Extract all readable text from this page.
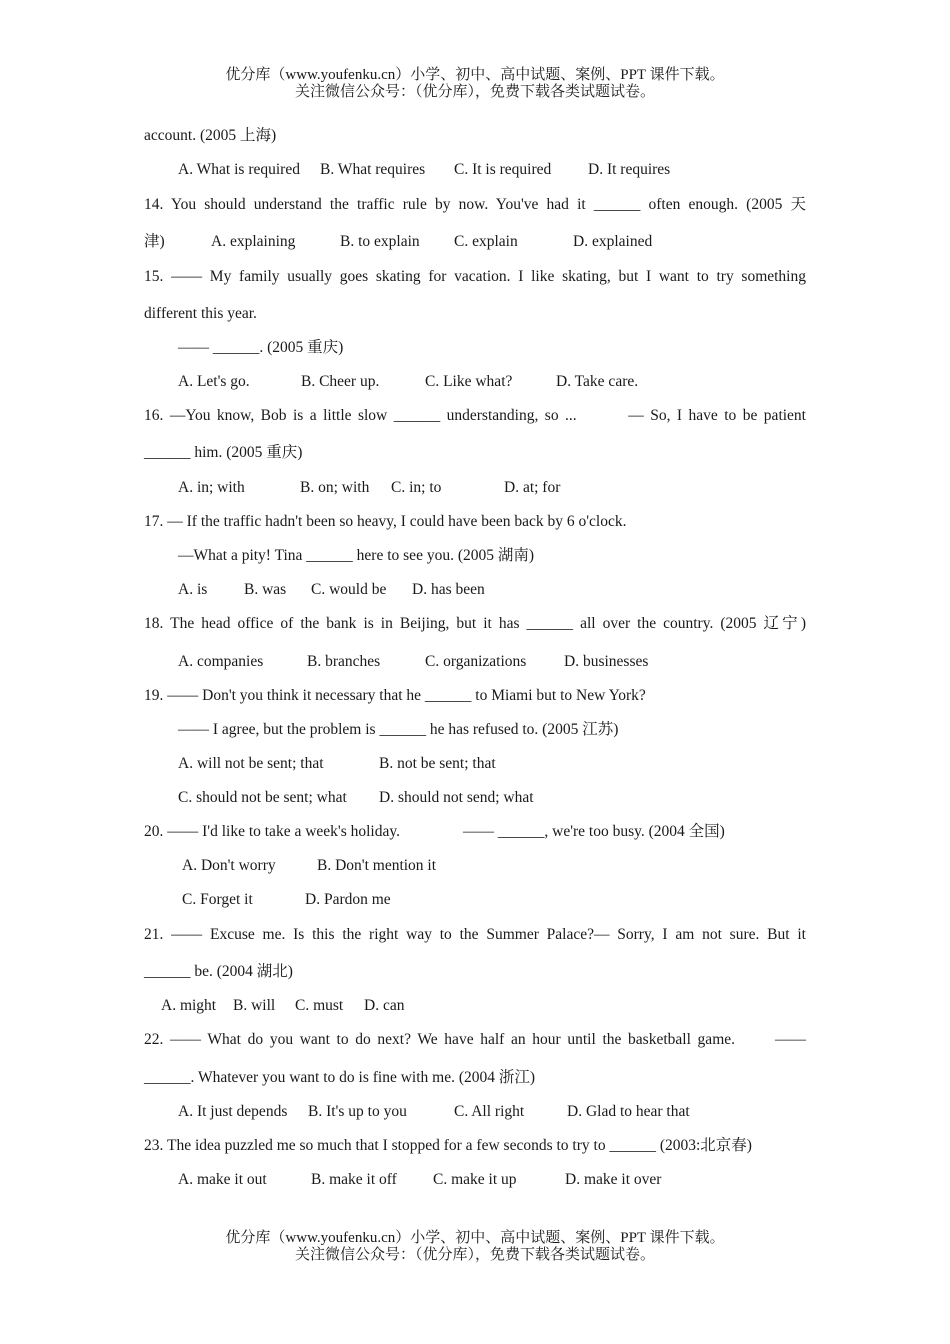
优分库（www.youfenku.cn）小学、初中、高中试题、案例、PPT 课件下载。
关注微信公众号：（优分库），免费下载各类试题试卷。
account. (2005 上海)
A. What is required B. What requires C. It is required D. It requires
14. You should understand the traffic rule by now. You've had it ______ often enough. (2005 天
津)	A. explaining	B. to explain C. explain	D. explained
15. —— My family usually goes skating for vacation. I like skating, but I want to try something
different this year.
—— ______. (2005 重庆)
A. Let's go.	B. Cheer up.	C. Like what?	D. Take care.
16. —You know, Bob is a little slow ______ understanding, so ...        — So, I have to be patient
______ him. (2005 重庆)
A. in; with	B. on; with C. in; to	D. at; for
17. — If the traffic hadn't been so heavy, I could have been back by 6 o'clock.
—What a pity! Tina ______ here to see you. (2005 湖南)
A. is B. was C. would be D. has been
18. The head office of the bank is in Beijing, but it has ______ all over the country. (2005 辽宁)
A. companies	B. branches	C. organizations D. businesses
19. —— Don't you think it necessary that he ______ to Miami but to New York?
—— I agree, but the problem is ______ he has refused to. (2005 江苏)
A. will not be sent; that	B. not be sent; that
C. should not be sent; what D. should not send; what
20. —— I'd like to take a week's holiday.	—— ______, we're too busy. (2004 全国)
A. Don't worry	B. Don't mention it
C. Forget it	D. Pardon me
21. —— Excuse me. Is this the right way to the Summer Palace?— Sorry, I am not sure. But it
______ be. (2004 湖北)
A. might B. will C. must D. can
22. —— What do you want to do next? We have half an hour until the basketball game.      ——
______. Whatever you want to do is fine with me. (2004 浙江)
A. It just depends B. It's up to you	C. All right	D. Glad to hear that
23. The idea puzzled me so much that I stopped for a few seconds to try to ______ (2003:北京春)
A. make it out	B. make it off C. make it up	D. make it over
优分库（www.youfenku.cn）小学、初中、高中试题、案例、PPT 课件下载。
关注微信公众号：（优分库），免费下载各类试题试卷。
